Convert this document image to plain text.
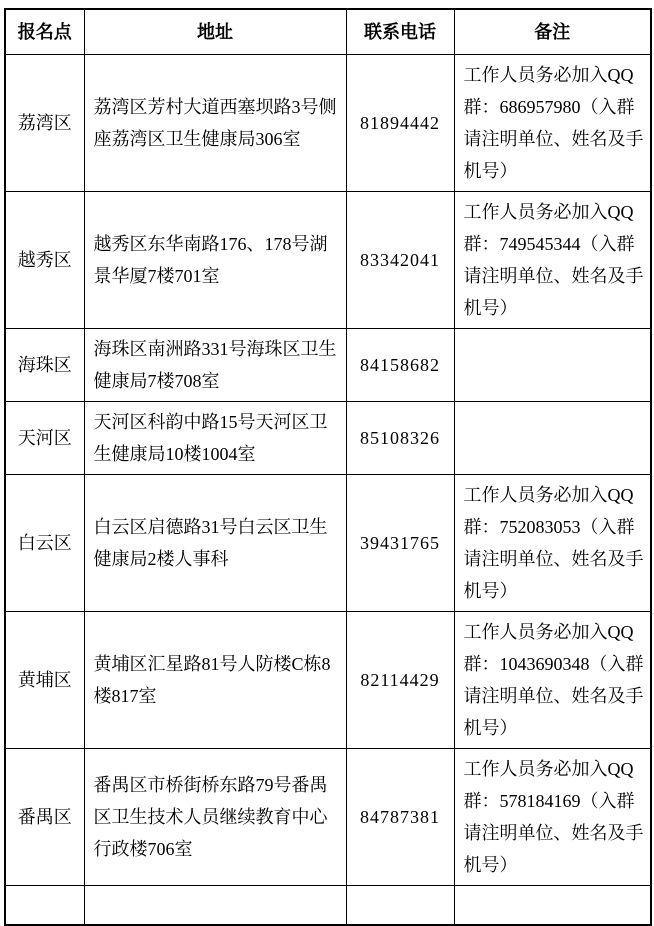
报名点	地址	联系电话	备注
荔湾区	荔湾区芳村大道西塞坝路3号侧座荔湾区卫生健康局306室	81894442	工作人员务必加入QQ群：686957980（入群请注明单位、姓名及手机号）
越秀区	越秀区东华南路176、178号湖景华厦7楼701室	83342041	工作人员务必加入QQ群：749545344（入群请注明单位、姓名及手机号）
海珠区	海珠区南洲路331号海珠区卫生健康局7楼708室	84158682	
天河区	天河区科韵中路15号天河区卫生健康局10楼1004室	85108326	
白云区	白云区启德路31号白云区卫生健康局2楼人事科	39431765	工作人员务必加入QQ群：752083053（入群请注明单位、姓名及手机号）
黄埔区	黄埔区汇星路81号人防楼C栋8楼817室	82114429	工作人员务必加入QQ群：1043690348（入群请注明单位、姓名及手机号）
番禺区	番禺区市桥街桥东路79号番禺区卫生技术人员继续教育中心行政楼706室	84787381	工作人员务必加入QQ群：578184169（入群请注明单位、姓名及手机号）
